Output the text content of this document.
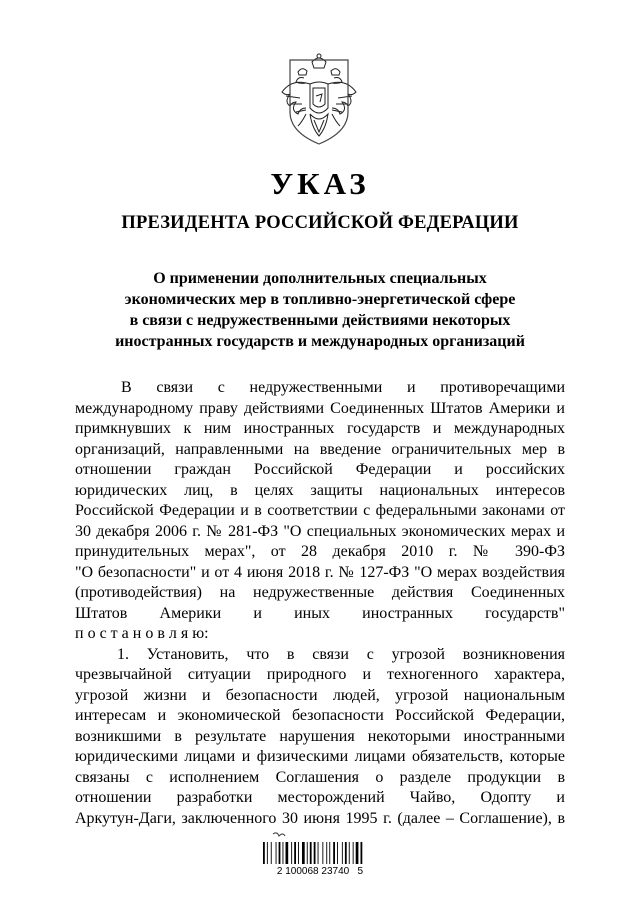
УКАЗ
ПРЕЗИДЕНТА РОССИЙСКОЙ ФЕДЕРАЦИИ
О применении дополнительных специальных
экономических мер в топливно-энергетической сфере
в связи с недружественными действиями некоторых
иностранных государств и международных организаций
В связи с недружественными и противоречащими
международному праву действиями Соединенных Штатов Америки и
примкнувших к ним иностранных государств и международных
организаций, направленными на введение ограничительных мер в
отношении граждан Российской Федерации и российских
юридических лиц, в целях защиты национальных интересов
Российской Федерации и в соответствии с федеральными законами от
30 декабря 2006 г. № 281-ФЗ "О специальных экономических мерах и
принудительных мерах", от 28 декабря 2010 г. № 390-ФЗ
"О безопасности" и от 4 июня 2018 г. № 127-ФЗ "О мерах воздействия
(противодействия) на недружественные действия Соединенных
Штатов Америки и иных иностранных государств"
п о с т а н о в л я ю:
1. Установить, что в связи с угрозой возникновения
чрезвычайной ситуации природного и техногенного характера,
угрозой жизни и безопасности людей, угрозой национальным
интересам и экономической безопасности Российской Федерации,
возникшими в результате нарушения некоторыми иностранными
юридическими лицами и физическими лицами обязательств, которые
связаны с исполнением Соглашения о разделе продукции в
отношении разработки месторождений Чайво, Одопту и
Аркутун-Даги, заключенного 30 июня 1995 г. (далее – Соглашение), в
2 100068 23740   5
